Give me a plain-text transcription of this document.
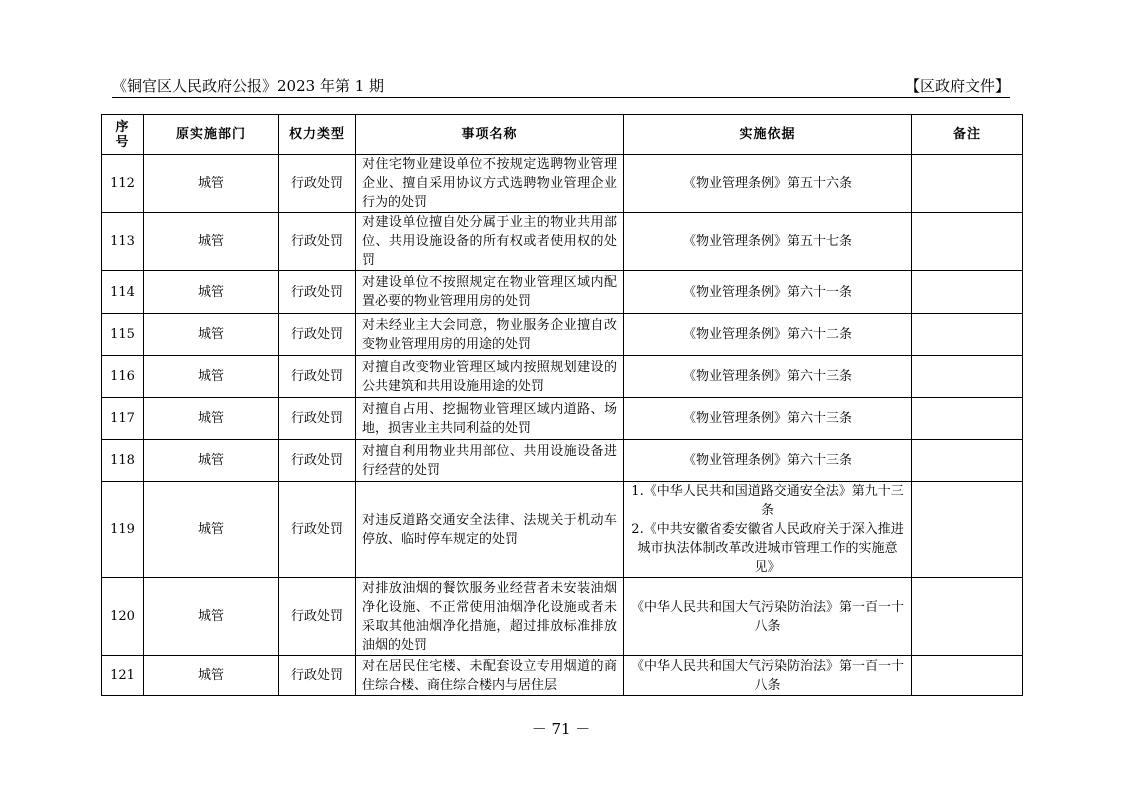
《铜官区人民政府公报》2023 年第 1 期	【区政府文件】
序
号	原实施部门	权力类型	事项名称	实施依据	备注
112	城管	行政处罚	对住宅物业建设单位不按规定选聘物业管理企业、擅自采用协议方式选聘物业管理企业行为的处罚	《物业管理条例》第五十六条	

113	城管	行政处罚	对建设单位擅自处分属于业主的物业共用部位、共用设施设备的所有权或者使用权的处罚	《物业管理条例》第五十七条	

114	城管	行政处罚	对建设单位不按照规定在物业管理区域内配置必要的物业管理用房的处罚	《物业管理条例》第六十一条	

115	城管	行政处罚	对未经业主大会同意，物业服务企业擅自改变物业管理用房的用途的处罚	《物业管理条例》第六十二条	

116	城管	行政处罚	对擅自改变物业管理区域内按照规划建设的公共建筑和共用设施用途的处罚	《物业管理条例》第六十三条	

117	城管	行政处罚	对擅自占用、挖掘物业管理区域内道路、场地，损害业主共同利益的处罚	《物业管理条例》第六十三条	

118	城管	行政处罚	对擅自利用物业共用部位、共用设施设备进行经营的处罚	《物业管理条例》第六十三条	

119	城管	行政处罚	对违反道路交通安全法律、法规关于机动车停放、临时停车规定的处罚	1.《中华人民共和国道路交通安全法》第九十三条
2.《中共安徽省委安徽省人民政府关于深入推进城市执法体制改革改进城市管理工作的实施意见》	

120	城管	行政处罚	对排放油烟的餐饮服务业经营者未安装油烟净化设施、不正常使用油烟净化设施或者未采取其他油烟净化措施，超过排放标准排放油烟的处罚	《中华人民共和国大气污染防治法》第一百一十八条	

121	城管	行政处罚	对在居民住宅楼、未配套设立专用烟道的商住综合楼、商住综合楼内与居住层	《中华人民共和国大气污染防治法》第一百一十八条	

－ 71 －
